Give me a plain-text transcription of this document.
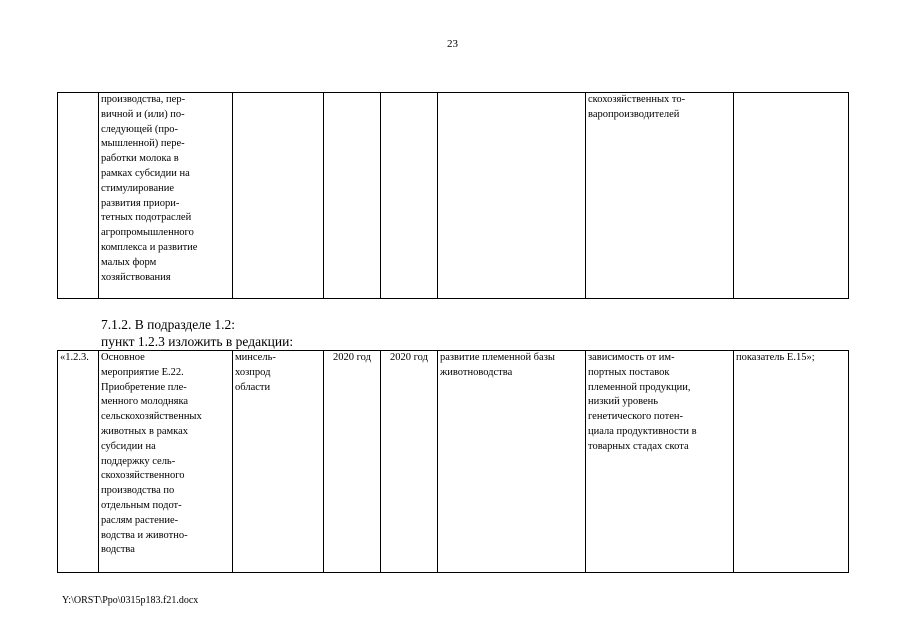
23
	производства, пер-
вичной и (или) по-
следующей (про-
мышленной) пере-
работки молока в
рамках субсидии на
стимулирование
развития приори-
тетных подотраслей
агропромышленного
комплекса и развитие
малых форм
хозяйствования					скохозяйственных то-
варопроизводителей	
7.1.2. В подразделе 1.2:
пункт 1.2.3 изложить в редакции:
«1.2.3.	Основное
мероприятие Е.22.
Приобретение пле-
менного молодняка
сельскохозяйственных
животных в рамках
субсидии на
поддержку сель-
скохозяйственного
производства по
отдельным подот-
раслям растение-
водства и животно-
водства	минсель-
хозпрод
области	2020 год	2020 год	развитие племенной базы
животноводства	зависимость от им-
портных поставок
племенной продукции,
низкий уровень
генетического потен-
циала продуктивности в
товарных стадах скота	показатель Е.15»;
Y:\ORST\Ppo\0315p183.f21.docx
